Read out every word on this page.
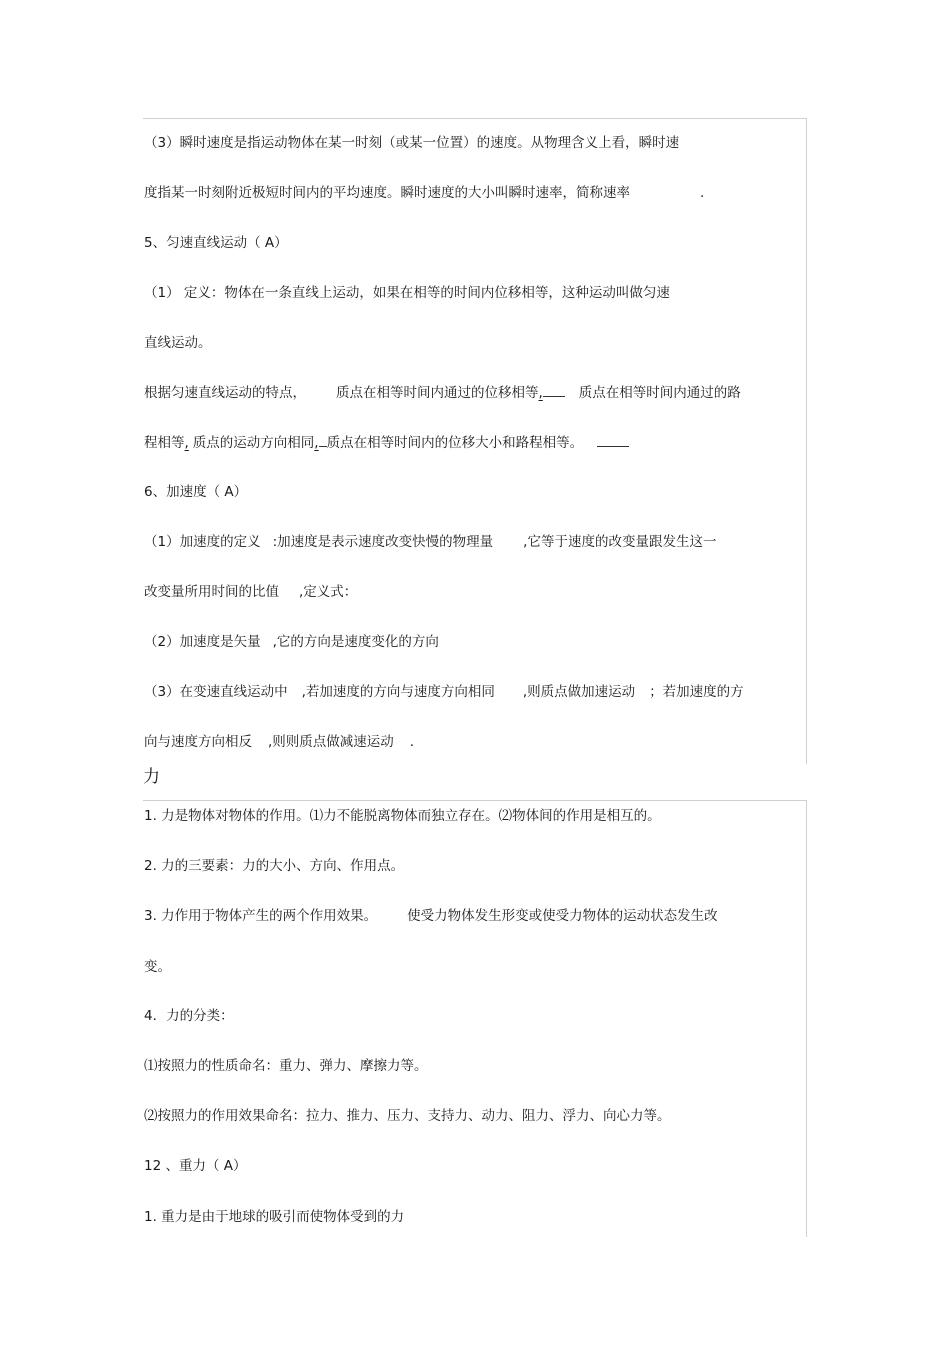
（3）瞬时速度是指运动物体在某一时刻（或某一位置）的速度。从物理含义上看，瞬时速
度指某一时刻附近极短时间内的平均速度。瞬时速度的大小叫瞬时速率，简称速率	.
5、匀速直线运动（ A）
（1） 定义：物体在一条直线上运动，如果在相等的时间内位移相等，这种运动叫做匀速
直线运动。
根据匀速直线运动的特点， 质点在相等时间内通过的位移相等,	质点在相等时间内通过的路
程相等, 质点的运动方向相同, 质点在相等时间内的位移大小和路程相等。
6、加速度（ A）
（1）加速度的定义 :加速度是表示速度改变快慢的物理量 ,它等于速度的改变量跟发生这一
改变量所用时间的比值 ,定义式：
（2）加速度是矢量 ,它的方向是速度变化的方向
（3）在变速直线运动中 ,若加速度的方向与速度方向相同 ,则质点做加速运动 ；若加速度的方
向与速度方向相反 ,则则质点做减速运动 .
力
1. 力是物体对物体的作用。⑴力不能脱离物体而独立存在。⑵物体间的作用是相互的。
2. 力的三要素：力的大小、方向、作用点。
3. 力作用于物体产生的两个作用效果。 使受力物体发生形变或使受力物体的运动状态发生改
变。
4．力的分类：
⑴按照力的性质命名：重力、弹力、摩擦力等。
⑵按照力的作用效果命名：拉力、推力、压力、支持力、动力、阻力、浮力、向心力等。
12 、重力（ A）
1. 重力是由于地球的吸引而使物体受到的力
